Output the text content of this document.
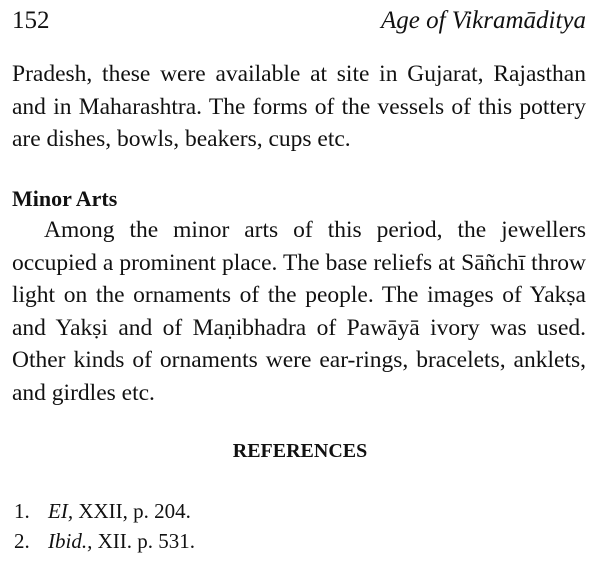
152	Age of Vikramāditya

Pradesh, these were available at site in Gujarat, Rajasthan and in Maharashtra. The forms of the vessels of this pottery are dishes, bowls, beakers, cups etc.

Minor Arts

Among the minor arts of this period, the jewellers occupied a prominent place. The base reliefs at Sāñchī throw light on the ornaments of the people. The images of Yakṣa and Yakṣi and of Maṇibhadra of Pawāyā ivory was used. Other kinds of ornaments were ear-rings, bracelets, anklets, and girdles etc.

REFERENCES
1. EI, XXII, p. 204.
2. Ibid., XII. p. 531.
